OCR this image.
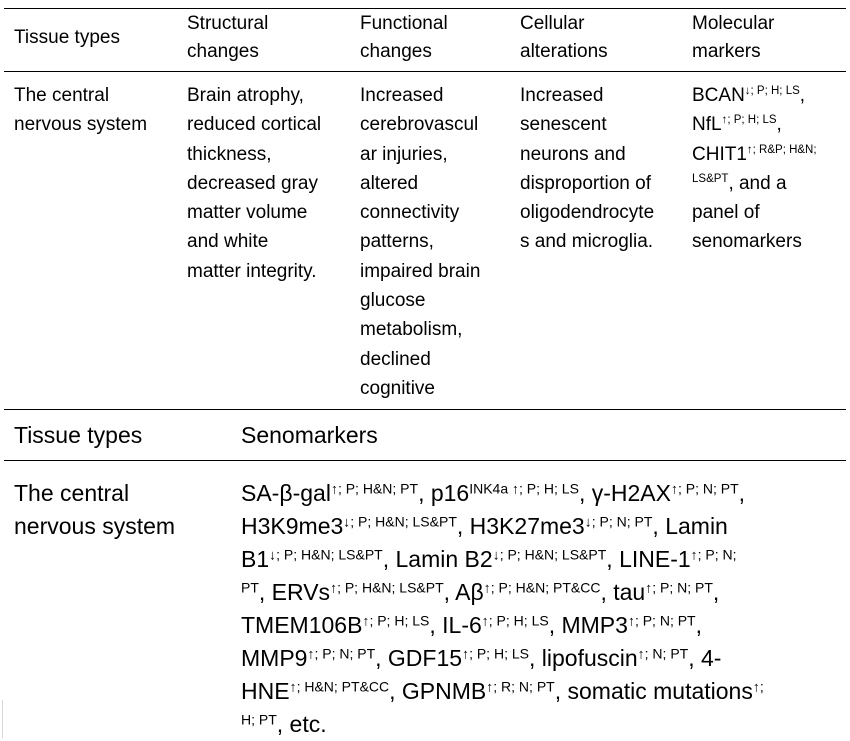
Tissue types
Structural
changes
Functional
changes
Cellular
alterations
Molecular
markers
The central
nervous system
Brain atrophy,
reduced cortical
thickness,
decreased gray
matter volume
and white
matter integrity.
Increased
cerebrovascul
ar injuries,
altered
connectivity
patterns,
impaired brain
glucose
metabolism,
declined
cognitive
Increased
senescent
neurons and
disproportion of
oligodendrocyte
s and microglia.
$BCAN^{↓; P; H; LS}$,
NfL$^{↑; P; H; LS}$,
$CHIT1^{↑; R\&P; H\&N;}$
$^{LS\&PT}$, and a
panel of
senomarkers
Tissue types	Senomarkers
The central
nervous system
SA-β-gal$^{↑; P; H\&N; PT}$, $p16^{INK4a ↑; P; H; LS}$, $\gamma-H2AX^{↑; P; N; PT}$,
$H3K9me3^{↓; P; H\&N; LS\&PT}$, $H3K27me3^{↓; P; N; PT}$, Lamin
$B1^{↓; P; H\&N; LS\&PT}$, Lamin $B2^{↓; P; H\&N; LS\&PT}$, LINE-$1^{↑; P; N;}$
$^{PT}$, ERVs$^{↑; P; H\&N; LS\&PT}$, $A\beta^{↑; P; H\&N; PT\&CC}$, tau$^{↑; P; N; PT}$,
$TMEM106B^{↑; P; H; LS}$, $IL-6^{↑; P; H; LS}$, $MMP3^{↑; P; N; PT}$,
$MMP9^{↑; P; N; PT}$, $GDF15^{↑; P; H; LS}$, lipofuscin$^{↑; N; PT}$, 4-
$HNE^{↑; H\&N; PT\&CC}$, $GPNMB^{↑; R; N; PT}$, somatic mutations↑;
$^{H; PT}$, etc.
